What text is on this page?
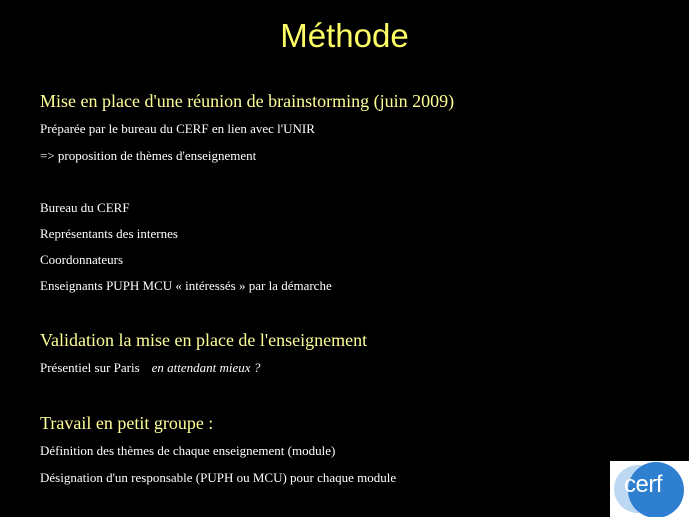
Méthode
Mise en place d'une réunion de brainstorming (juin 2009)
Préparée par le bureau du CERF en lien avec l'UNIR
=> proposition de thèmes d'enseignement
Bureau du CERF
Représentants des internes
Coordonnateurs
Enseignants PUPH MCU « intéressés » par la démarche
Validation la mise en place de l'enseignement
Présentiel sur Paris en attendant mieux ?
Travail en petit groupe :
Définition des thèmes de chaque enseignement (module)
Désignation d'un responsable (PUPH ou MCU) pour chaque module	cerf
